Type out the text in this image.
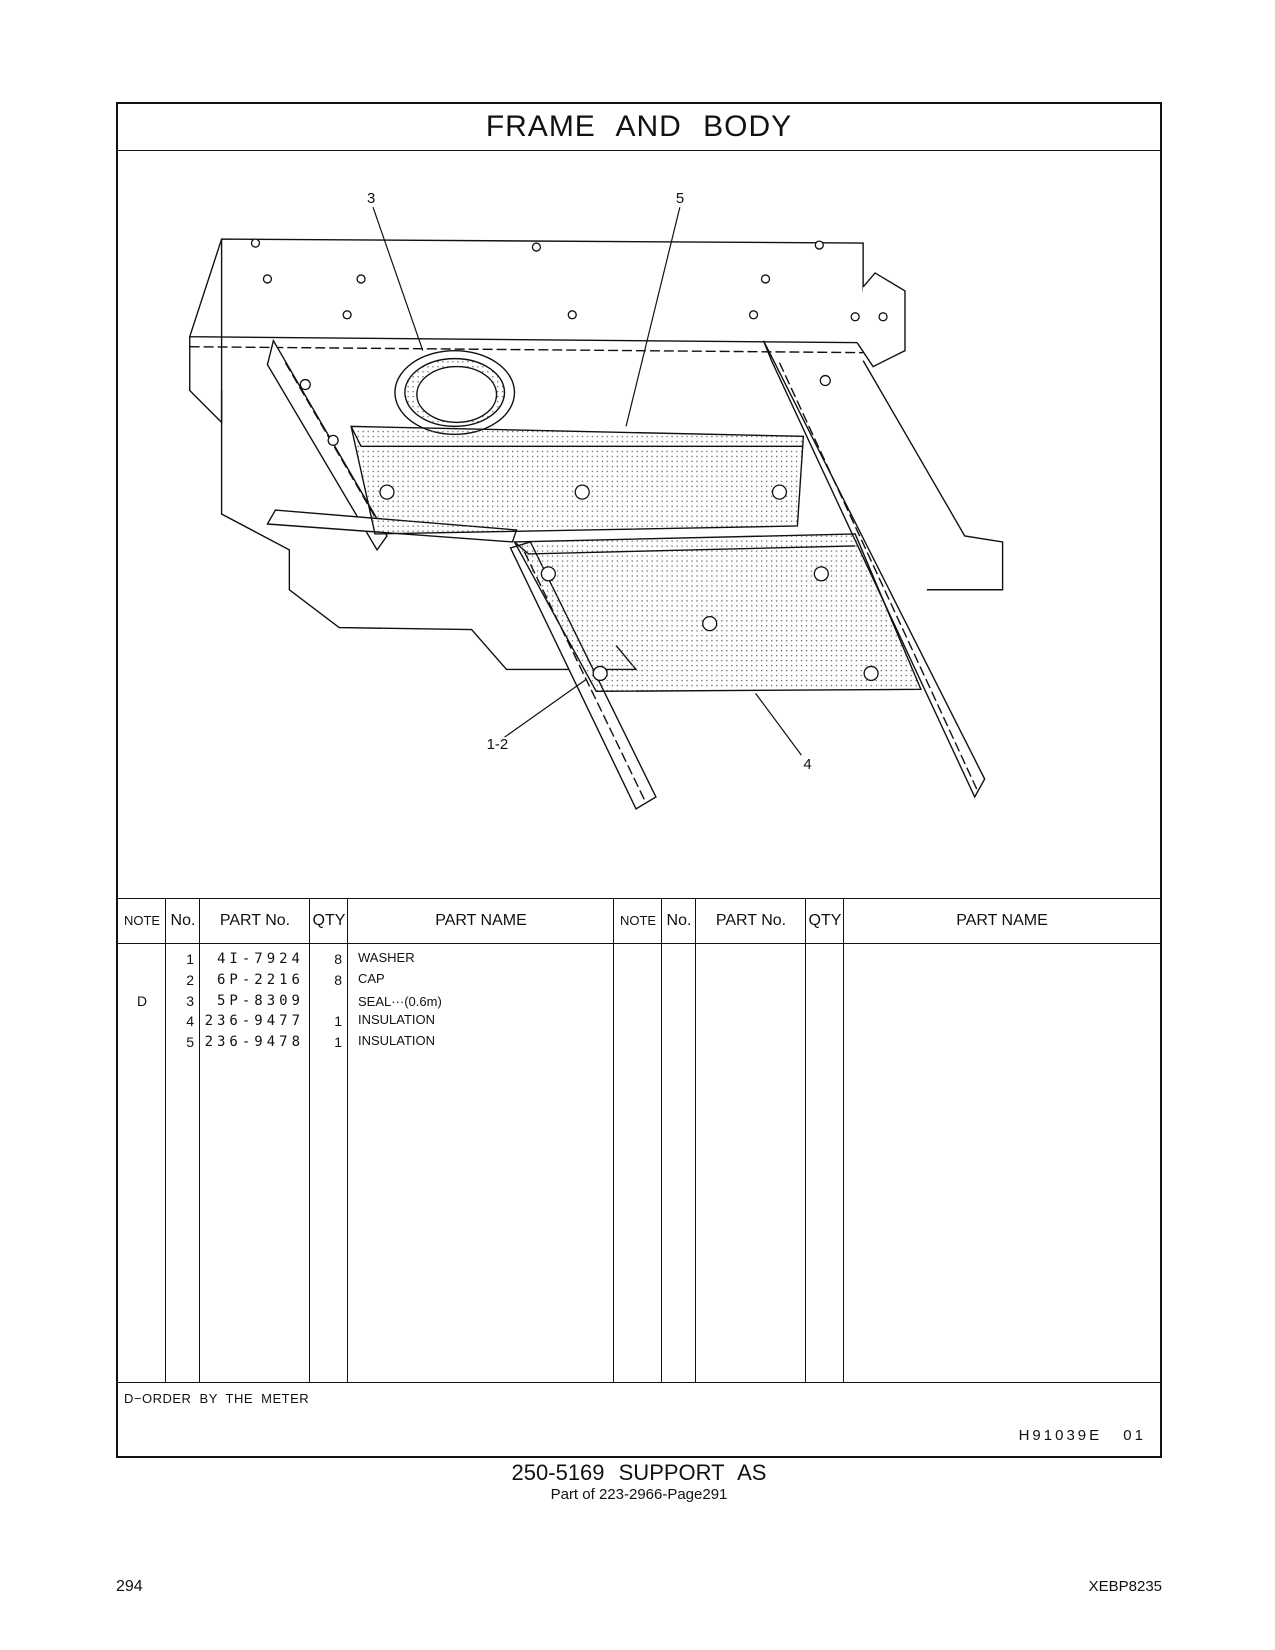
FRAME AND BODY
3	5
1-2
4
NOTE No.	PART No.	QTY	PART NAME	NOTE No.	PART No.	QTY	PART NAME
1	4I-7924	8 WASHER
2	6P-2216	8 CAP
D	3	5P-8309	SEAL···(0.6m)
4 236-9477	1 INSULATION
5 236-9478	1 INSULATION
D−ORDER BY THE METER
H91039E 01
250-5169 SUPPORT AS
Part of 223-2966-Page291
294	XEBP8235
